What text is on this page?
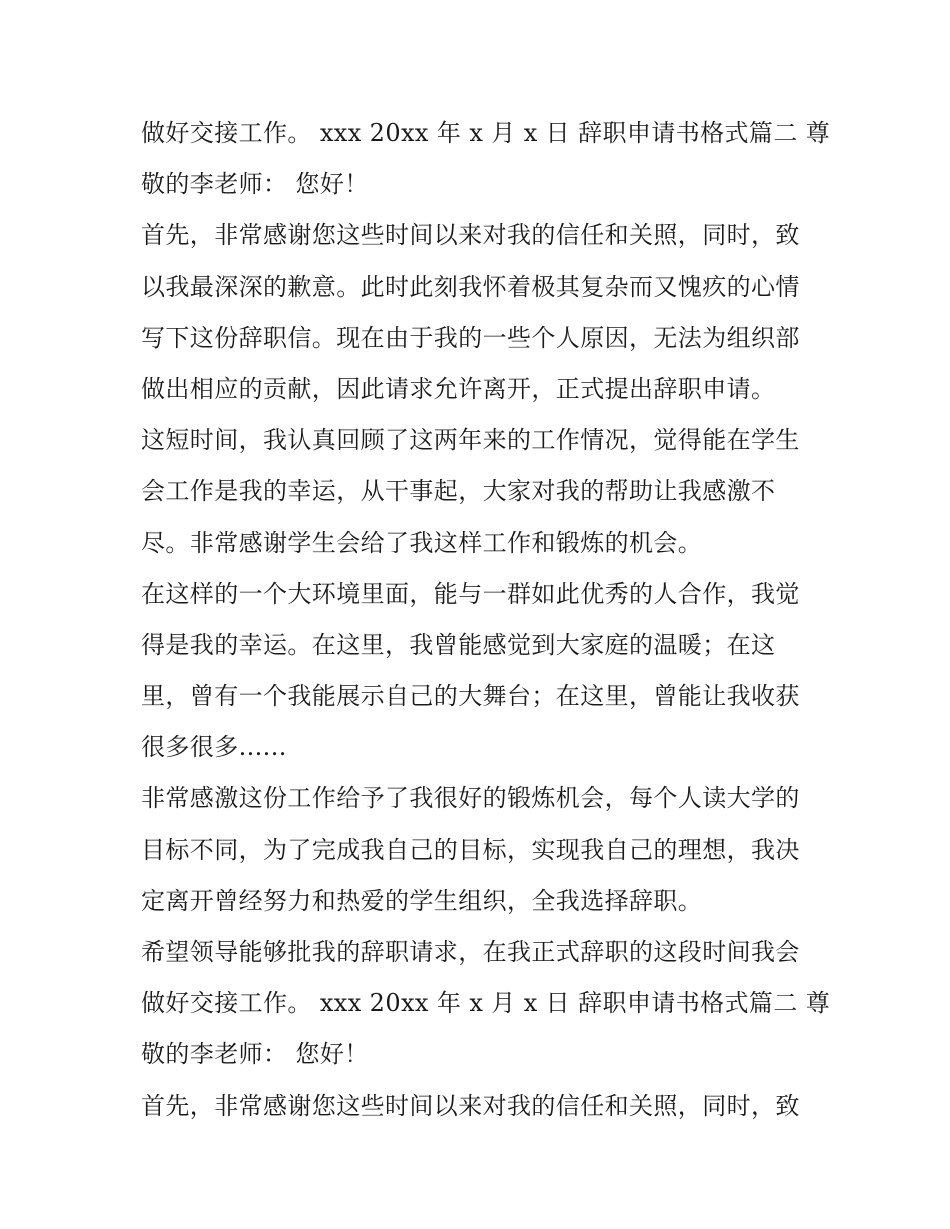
做好交接工作。 xxx 20xx 年 x 月 x 日 辞职申请书格式篇二 尊
敬的李老师： 您好！
首先，非常感谢您这些时间以来对我的信任和关照，同时，致
以我最深深的歉意。此时此刻我怀着极其复杂而又愧疚的心情
写下这份辞职信。现在由于我的一些个人原因，无法为组织部
做出相应的贡献，因此请求允许离开，正式提出辞职申请。
这短时间，我认真回顾了这两年来的工作情况，觉得能在学生
会工作是我的幸运，从干事起，大家对我的帮助让我感激不
尽。非常感谢学生会给了我这样工作和锻炼的机会。
在这样的一个大环境里面，能与一群如此优秀的人合作，我觉
得是我的幸运。在这里，我曾能感觉到大家庭的温暖；在这
里，曾有一个我能展示自己的大舞台；在这里，曾能让我收获
很多很多......
非常感激这份工作给予了我很好的锻炼机会，每个人读大学的
目标不同，为了完成我自己的目标，实现我自己的理想，我决
定离开曾经努力和热爱的学生组织，全我选择辞职。
希望领导能够批我的辞职请求，在我正式辞职的这段时间我会
做好交接工作。 xxx 20xx 年 x 月 x 日 辞职申请书格式篇二 尊
敬的李老师： 您好！
首先，非常感谢您这些时间以来对我的信任和关照，同时，致
